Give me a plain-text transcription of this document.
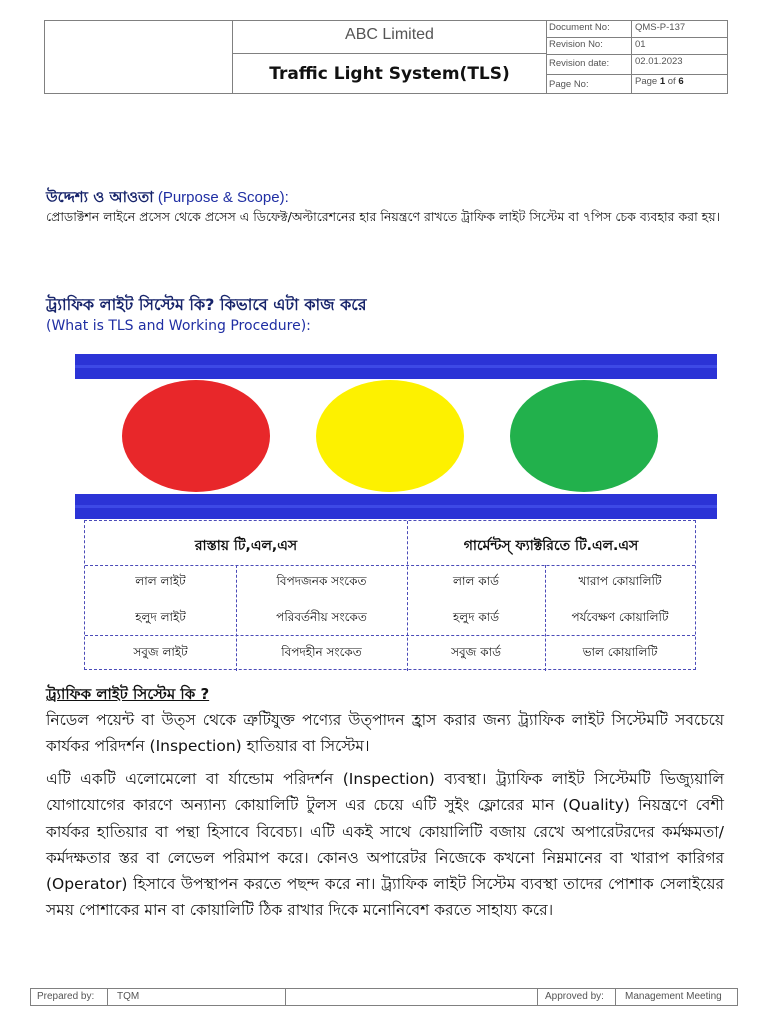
ABC Limited
Traffic Light System(TLS)
Document No:	QMS-P-137
Revision No:	01
Revision date:	02.01.2023
Page No:	Page 1 of 6
উদ্দেশ্য ও আওতা (Purpose & Scope):
প্রোডাক্টশন লাইনে প্রসেস থেকে প্রসেস এ ডিফেক্ট/অল্টারেশনের হার নিয়ন্ত্রণে রাখতে ট্রাফিক লাইট সিস্টেম বা ৭পিস চেক ব্যবহার করা হয়।
ট্র্যাফিক লাইট সিস্টেম কি? কিভাবে এটা কাজ করে
(What is TLS and Working Procedure):
রাস্তায় টি,এল,এস	গার্মেন্টস্ ফ্যাক্টরিতে টি.এল.এস
লাল লাইট	বিপদজনক সংকেত	লাল কার্ড	খারাপ কোয়ালিটি
হলুদ লাইট	পরিবর্তনীয় সংকেত	হলুদ কার্ড	পর্যবেক্ষণ কোয়ালিটি
সবুজ লাইট	বিপদহীন সংকেত	সবুজ কার্ড	ভাল কোয়ালিটি
ট্র্যাফিক লাইট সিস্টেম কি ?
নিডেল পয়েন্ট বা উত্স থেকে ত্রুটিযুক্ত পণ্যের উত্পাদন হ্রাস করার জন্য ট্র্যাফিক লাইট সিস্টেমটি সবচেয়ে কার্যকর পরিদর্শন (Inspection) হাতিয়ার বা সিস্টেম।
এটি একটি এলোমেলো বা র্যান্ডোম পরিদর্শন (Inspection) ব্যবস্থা। ট্র্যাফিক লাইট সিস্টেমটি ভিজ্যুয়ালি যোগাযোগের কারণে অন্যান্য কোয়ালিটি টুলস এর চেয়ে এটি সুইং ফ্লোরের মান (Quality) নিয়ন্ত্রণে বেশী কার্যকর হাতিয়ার বা পন্থা হিসাবে বিবেচ্য। এটি একই সাথে কোয়ালিটি বজায় রেখে অপারেটরদের কর্মক্ষমতা/কর্মদক্ষতার স্তর বা লেভেল পরিমাপ করে। কোনও অপারেটর নিজেকে কখনো নিম্নমানের বা খারাপ কারিগর (Operator) হিসাবে উপস্থাপন করতে পছন্দ করে না। ট্র্যাফিক লাইট সিস্টেম ব্যবস্থা তাদের পোশাক সেলাইয়ের সময় পোশাকের মান বা কোয়ালিটি ঠিক রাখার দিকে মনোনিবেশ করতে সাহায্য করে।
Prepared by: TQM	Approved by: Management Meeting
